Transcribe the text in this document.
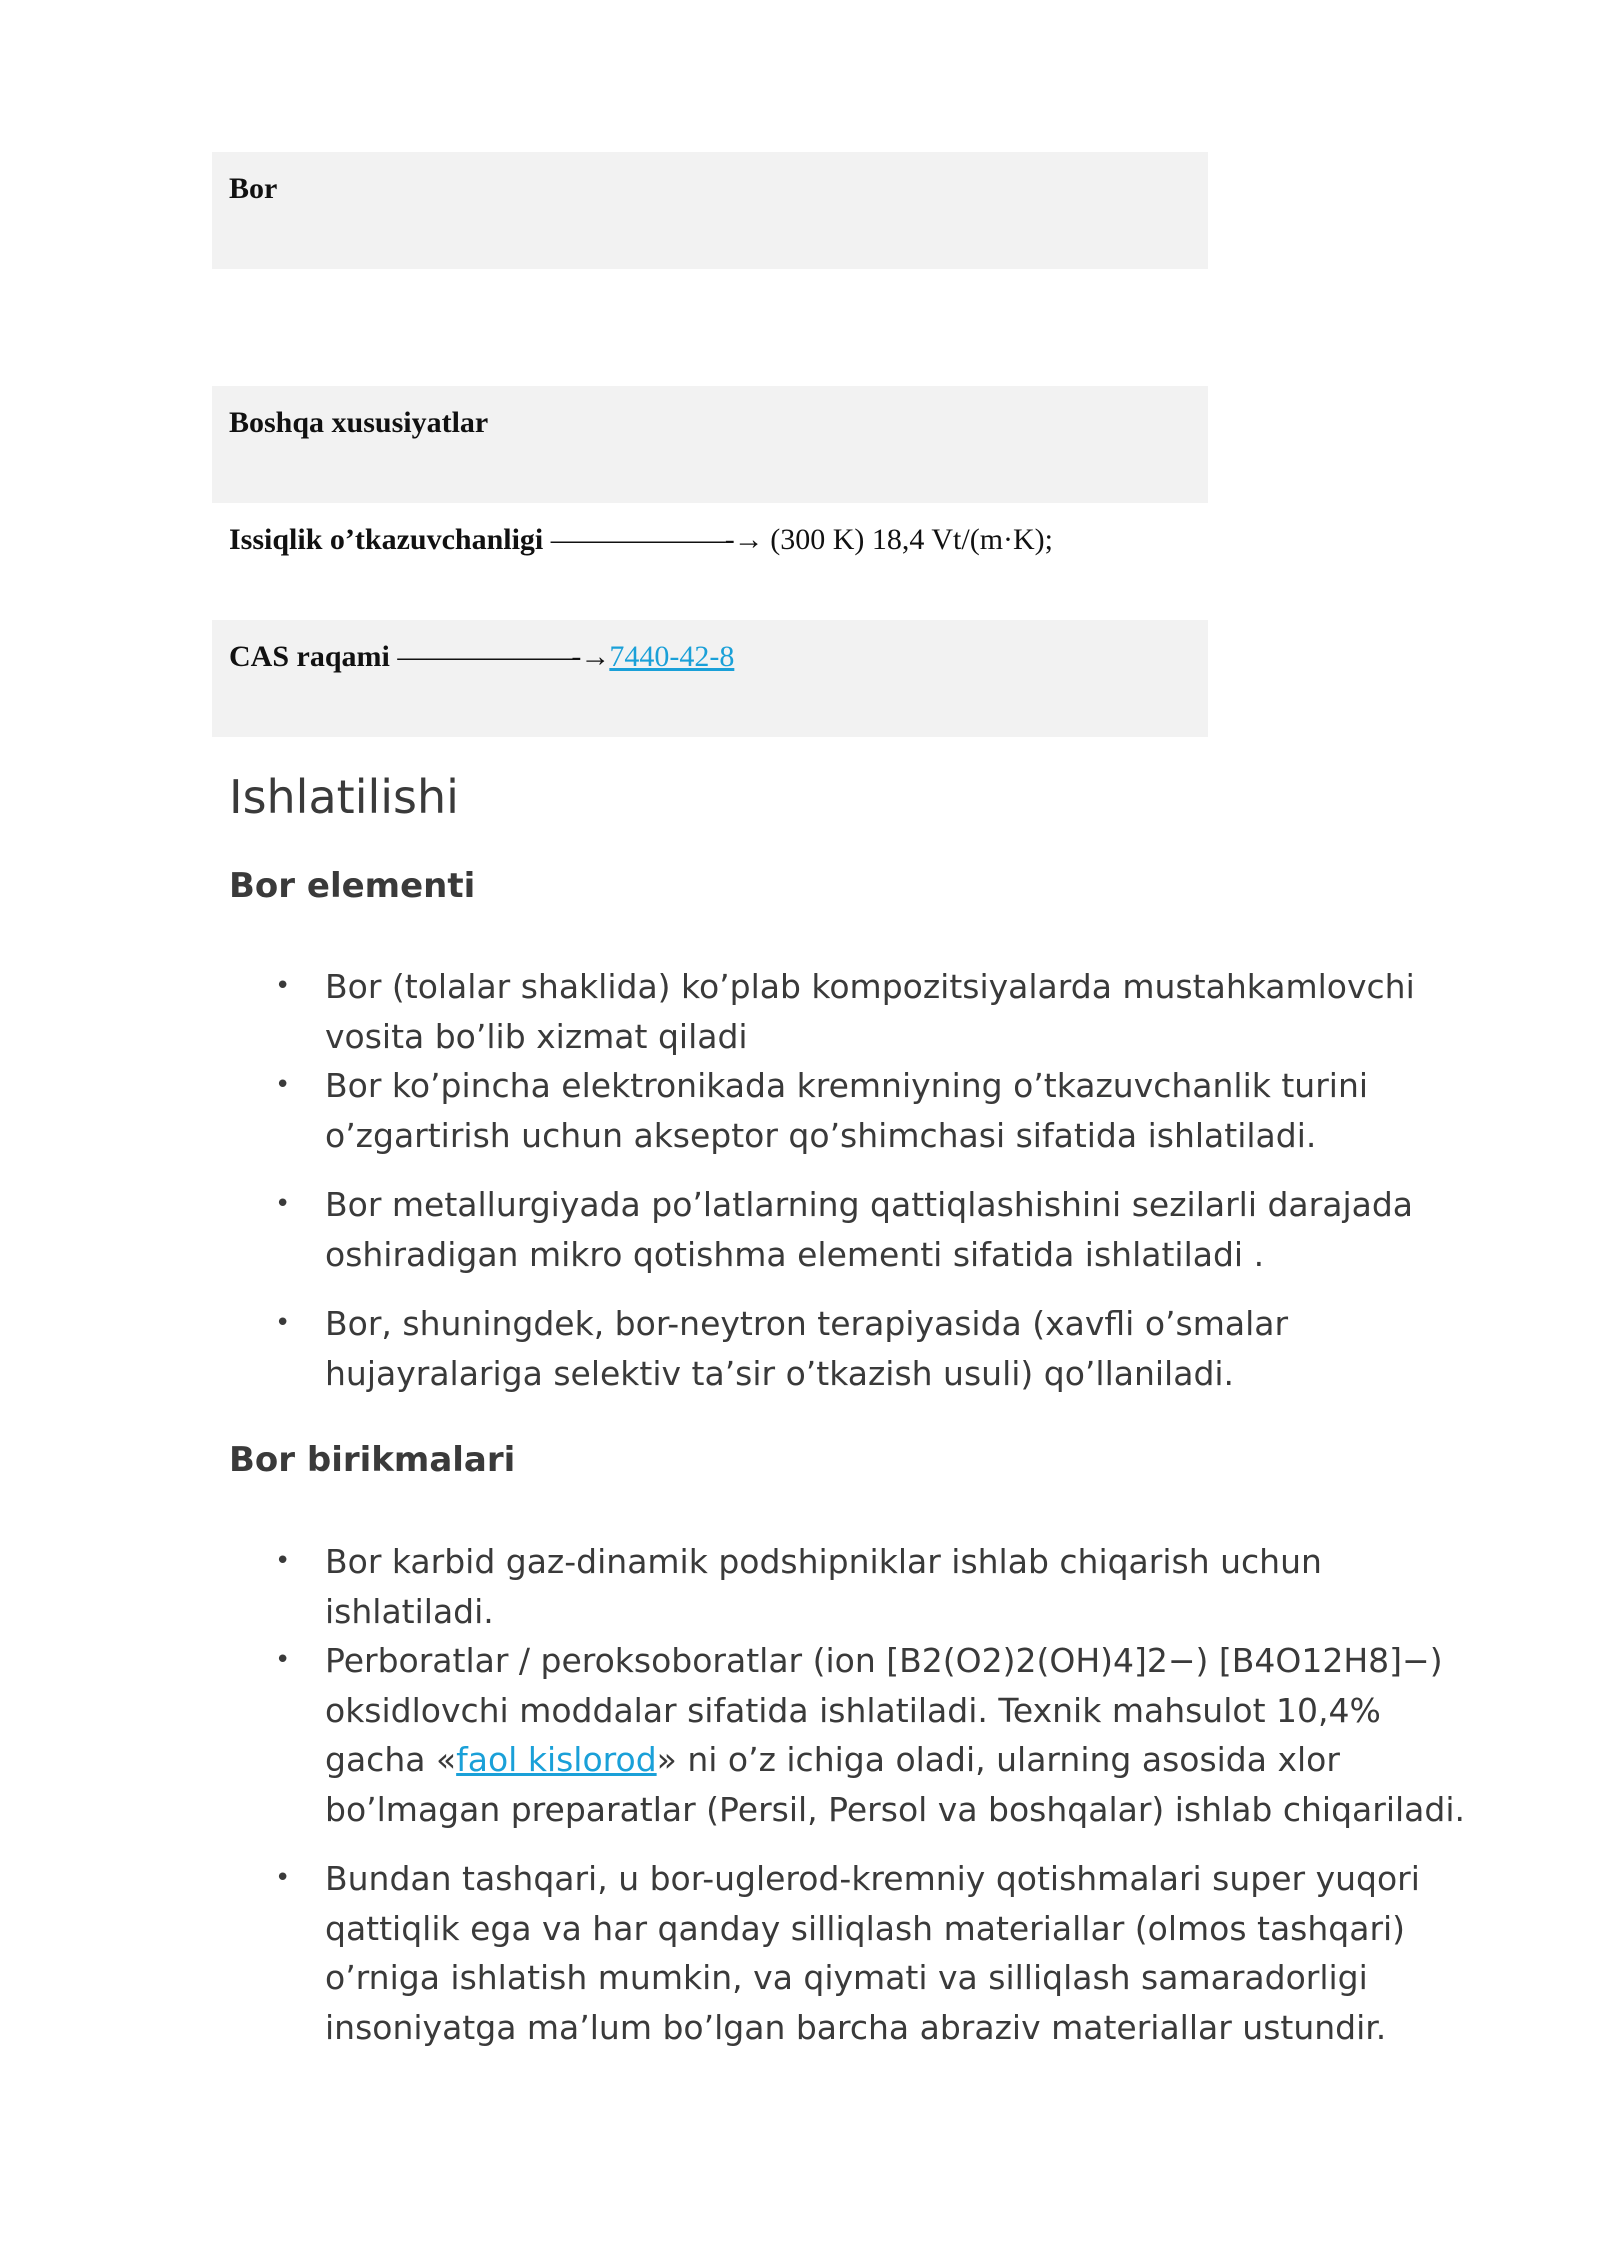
Bor
Boshqa xususiyatlar
Issiqlik o’tkazuvchanligi ——————-→ (300 K) 18,4 Vt/(m·K);
CAS raqami ——————-→7440-42-8
Ishlatilishi
Bor elementi
• Bor (tolalar shaklida) ko’plab kompozitsiyalarda mustahkamlovchi vosita bo’lib xizmat qiladi
• Bor ko’pincha elektronikada kremniyning o’tkazuvchanlik turini o’zgartirish uchun akseptor qo’shimchasi sifatida ishlatiladi.
• Bor metallurgiyada po’latlarning qattiqlashishini sezilarli darajada oshiradigan mikro qotishma elementi sifatida ishlatiladi .
• Bor, shuningdek, bor-neytron terapiyasida (xavfli o’smalar hujayralariga selektiv ta’sir o’tkazish usuli) qo’llaniladi.
Bor birikmalari
• Bor karbid gaz-dinamik podshipniklar ishlab chiqarish uchun ishlatiladi.
• Perboratlar / peroksoboratlar (ion [B2(O2)2(OH)4]2−) [B4O12H8]−) oksidlovchi moddalar sifatida ishlatiladi. Texnik mahsulot 10,4% gacha «faol kislorod» ni o’z ichiga oladi, ularning asosida xlor bo’lmagan preparatlar (Persil, Persol va boshqalar) ishlab chiqariladi.
• Bundan tashqari, u bor-uglerod-kremniy qotishmalari super yuqori qattiqlik ega va har qanday silliqlash materiallar (olmos tashqari) o’rniga ishlatish mumkin, va qiymati va silliqlash samaradorligi insoniyatga ma’lum bo’lgan barcha abraziv materiallar ustundir.
